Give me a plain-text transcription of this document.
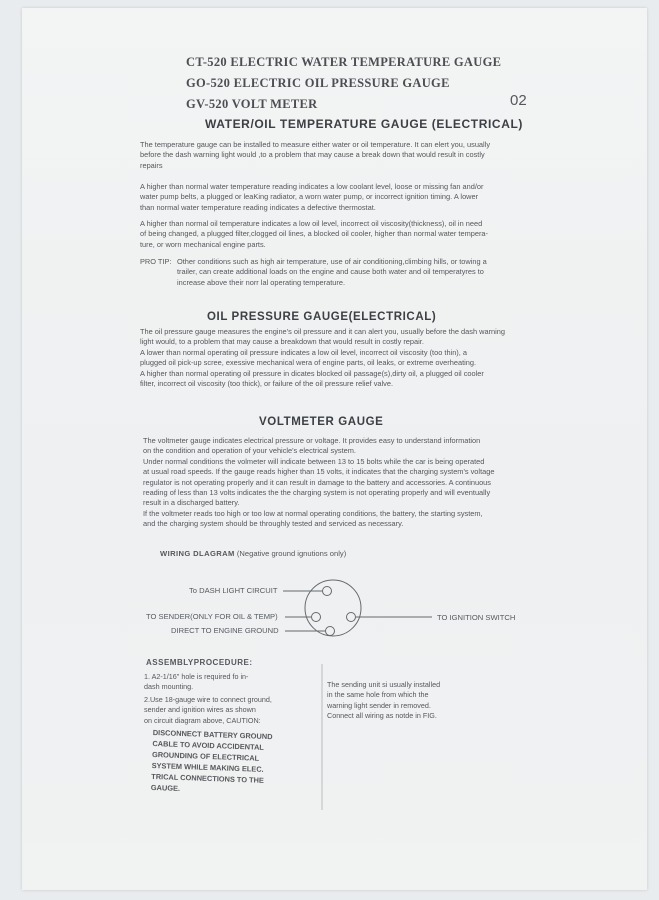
CT-520 ELECTRIC WATER TEMPERATURE GAUGE
GO-520 ELECTRIC OIL PRESSURE GAUGE
GV-520 VOLT METER	02
WATER/OIL TEMPERATURE GAUGE (ELECTRICAL)
The temperature gauge can be installed to measure either water or oil temperature. It can elert you, usually
before the dash warning light would ,to a problem that may cause a break down that would result in costly
repairs
A higher than normal water temperature reading indicates a low coolant level, loose or missing fan and/or
water pump belts, a plugged or leaKing radiator, a worn water pump, or incorrect ignition timing. A lower
than normal water temperature reading indicates a defective thermostat.
A higher than normal oil temperature indicates a low oil level, incorrect oil viscosity(thickness), oil in need
of being changed, a plugged filter,clogged oil lines, a blocked oil cooler, higher than normal water tempera-
ture, or worn mechanical engine parts.
PRO TIP: Other conditions such as high air temperature, use of air conditioning,climbing hills, or towing a
trailer, can create additional loads on the engine and cause both water and oil temperatyres to
increase above their norr lal operating temperature.
OIL PRESSURE GAUGE(ELECTRICAL)
The oil pressure gauge measures the engine's oil pressure and it can alert you, usually before the dash warning
light would, to a problem that may cause a breakdown that would result in costly repair.
A lower than normal operating oil pressure indicates a low oil level, incorrect oil viscosity (too thin), a
plugged oil pick-up scree, exessive mechanical wera of engine parts, oil leaks, or extreme overheating.
A higher than normal operating oil pressure in dicates blocked oil passage(s),dirty oil, a plugged oil cooler
filter, incorrect oil viscosity (too thick), or failure of the oil pressure relief valve.
VOLTMETER GAUGE
The voltmeter gauge indicates electrical pressure or voltage. It provides easy to understand information
on the condition and operation of your vehicle's electrical system.
Under normal conditions the volmeter will indicate between 13 to 15 bolts while the car is being operated
at usual road speeds. If the gauge reads higher than 15 volts, it indicates that the charging system's voltage
regulator is not operating properly and it can result in damage to the battery and accessories. A continuous
reading of less than 13 volts indicates the the charging system is not operating properly and will eventually
result in a discharged battery.
If the voltmeter reads too high or too low at normal operating conditions, the battery, the starting system,
and the charging system should be throughly tested and serviced as necessary.
WIRING DLAGRAM (Negative ground ignutions only)
To DASH LIGHT CIRCUIT
TO SENDER(ONLY FOR OIL & TEMP)
DIRECT TO ENGINE GROUND
TO IGNITION SWITCH
ASSEMBLYPROCEDURE:
1. A2-1/16" hole is required fo in-
dash mounting.
2.Use 18-gauge wire to connect ground,
sender and ignition wires as shown
on circuit diagram above, CAUTION:
DISCONNECT BATTERY GROUND
CABLE TO AVOID ACCIDENTAL
GROUNDING OF ELECTRICAL
SYSTEM WHILE MAKING ELEC.
TRICAL CONNECTIONS TO THE
GAUGE.
The sending unit si usually installed
in the same hole from which the
warning light sender in removed.
Connect all wiring as notde in FIG.
